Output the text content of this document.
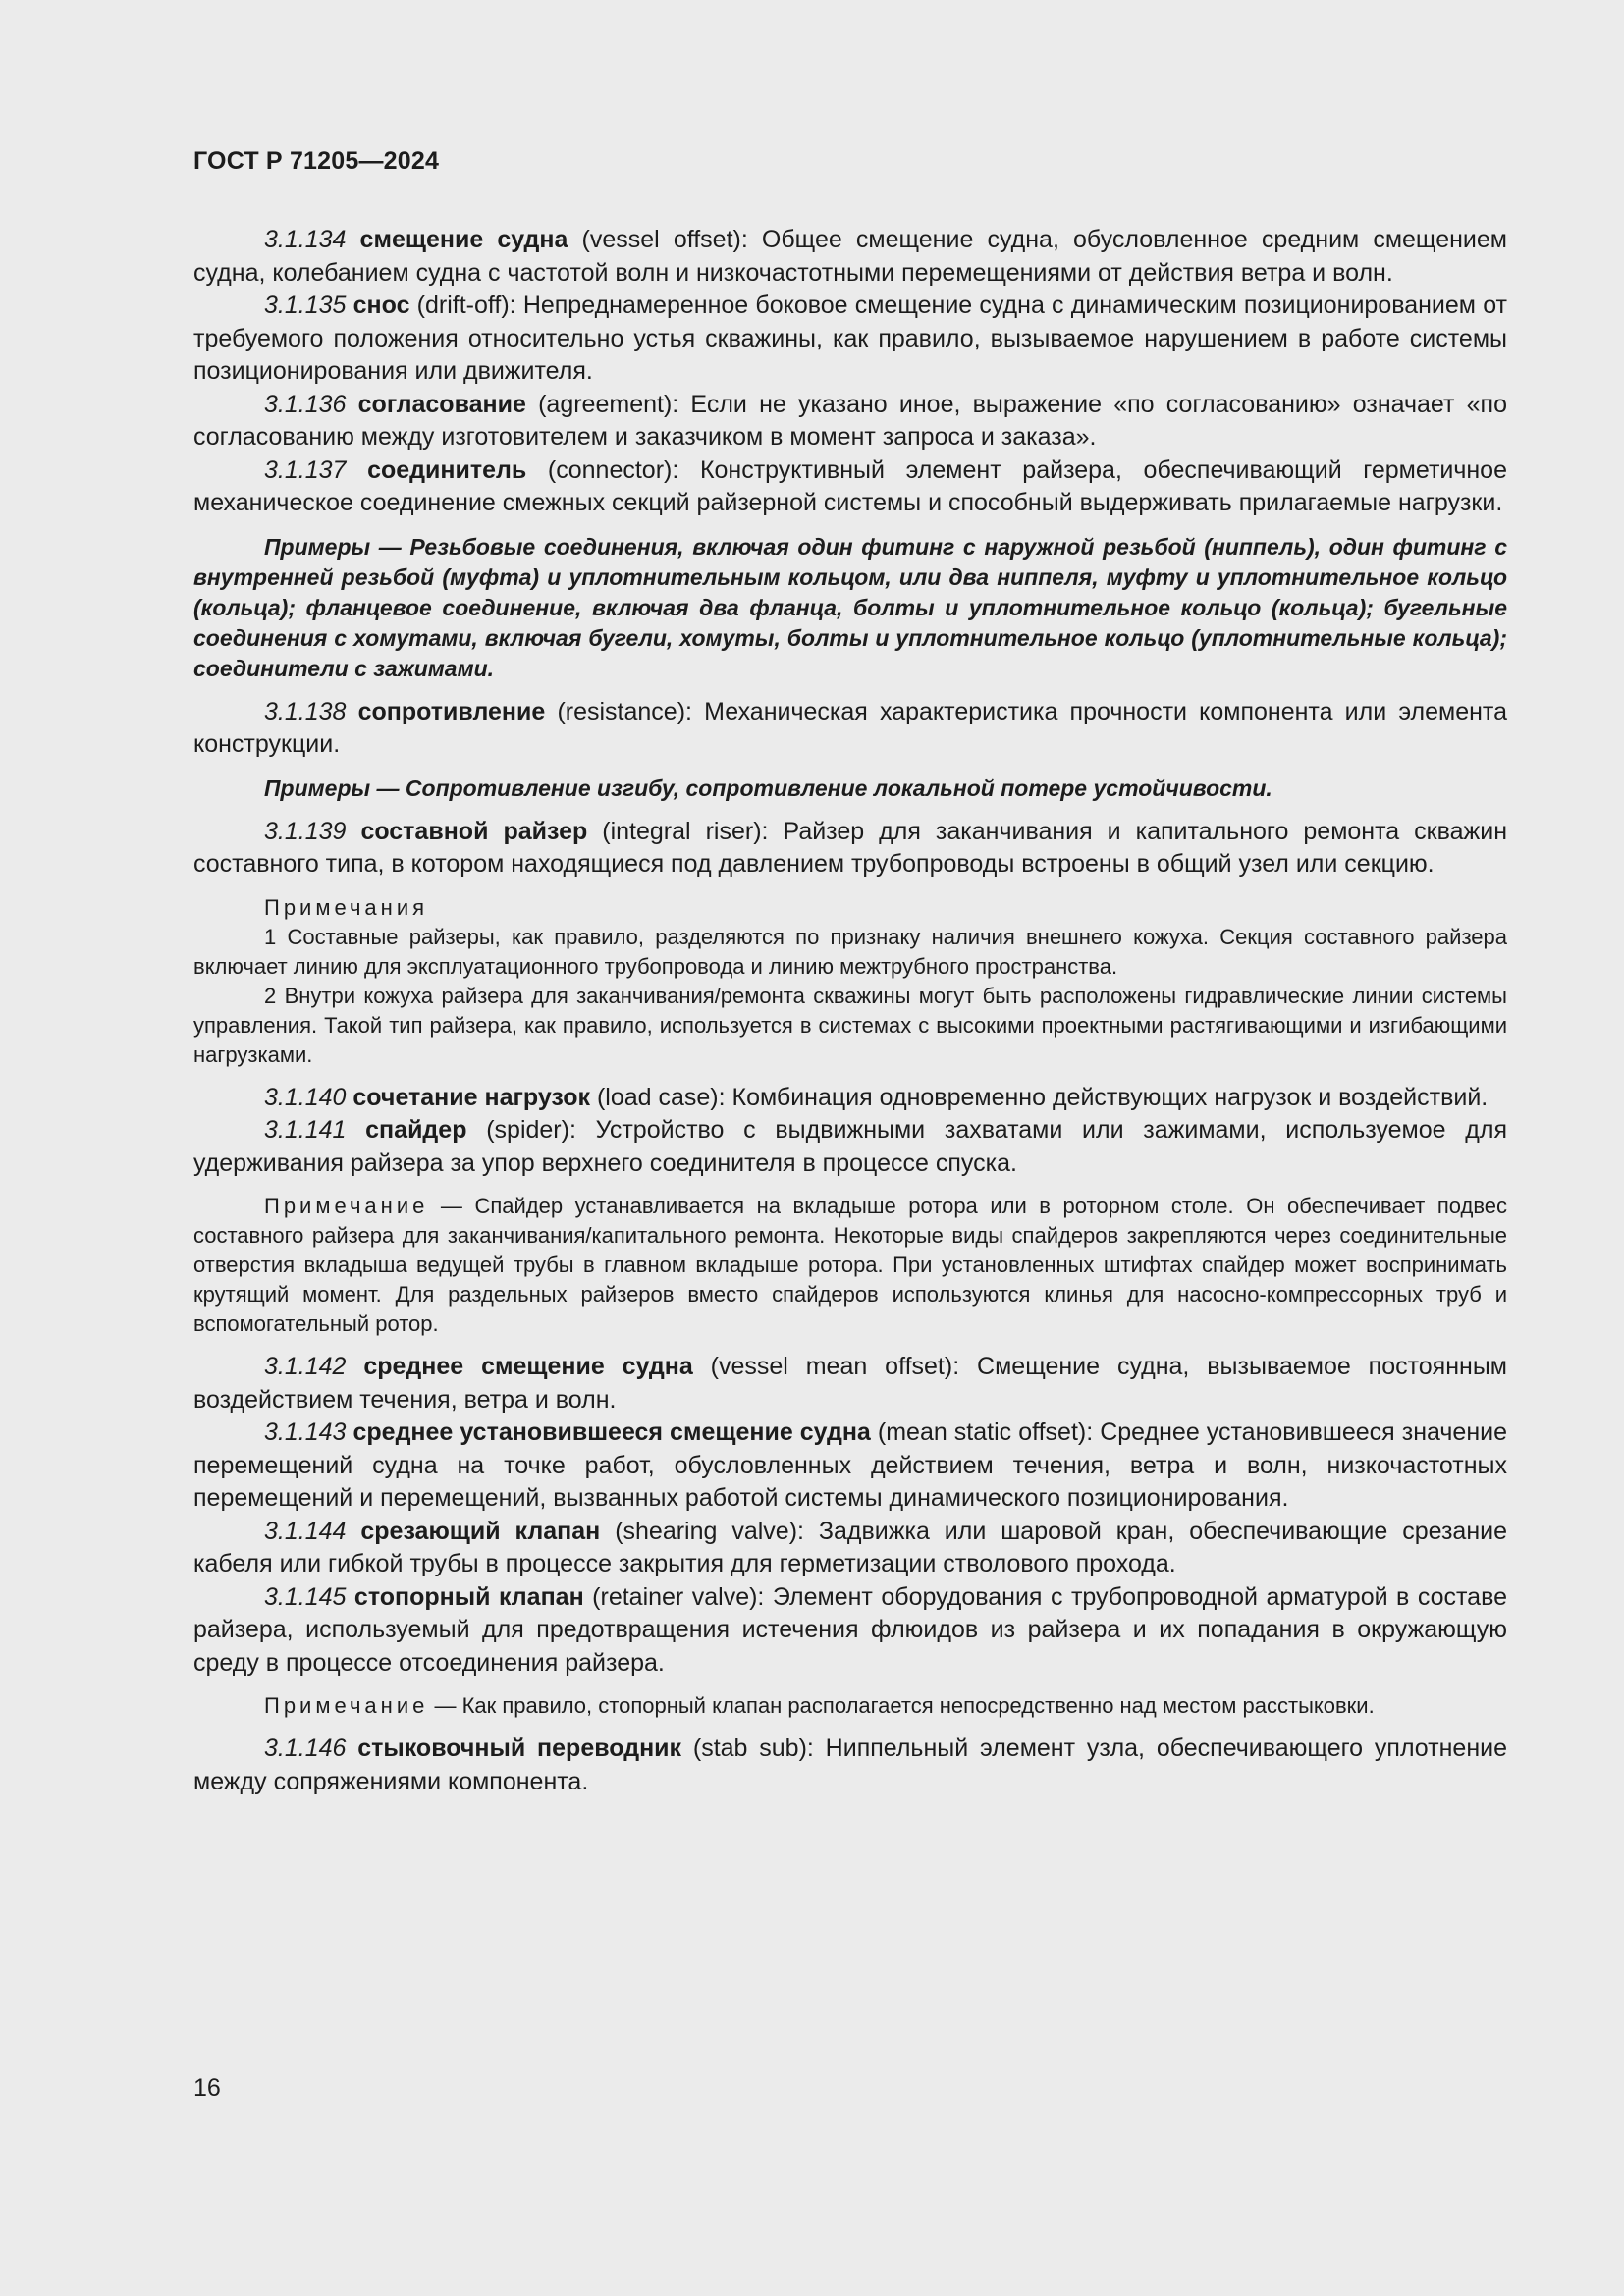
ГОСТ Р 71205—2024

3.1.134 смещение судна (vessel offset): Общее смещение судна, обусловленное средним смещением судна, колебанием судна с частотой волн и низкочастотными перемещениями от действия ветра и волн.

3.1.135 снос (drift-off): Непреднамеренное боковое смещение судна с динамическим позиционированием от требуемого положения относительно устья скважины, как правило, вызываемое нарушением в работе системы позиционирования или движителя.

3.1.136 согласование (agreement): Если не указано иное, выражение «по согласованию» означает «по согласованию между изготовителем и заказчиком в момент запроса и заказа».

3.1.137 соединитель (connector): Конструктивный элемент райзера, обеспечивающий герметичное механическое соединение смежных секций райзерной системы и способный выдерживать прилагаемые нагрузки.

Примеры — Резьбовые соединения, включая один фитинг с наружной резьбой (ниппель), один фитинг с внутренней резьбой (муфта) и уплотнительным кольцом, или два ниппеля, муфту и уплотнительное кольцо (кольца); фланцевое соединение, включая два фланца, болты и уплотнительное кольцо (кольца); бугельные соединения с хомутами, включая бугели, хомуты, болты и уплотнительное кольцо (уплотнительные кольца); соединители с зажимами.

3.1.138 сопротивление (resistance): Механическая характеристика прочности компонента или элемента конструкции.

Примеры — Сопротивление изгибу, сопротивление локальной потере устойчивости.

3.1.139 составной райзер (integral riser): Райзер для заканчивания и капитального ремонта скважин составного типа, в котором находящиеся под давлением трубопроводы встроены в общий узел или секцию.

Примечания

1 Составные райзеры, как правило, разделяются по признаку наличия внешнего кожуха. Секция составного райзера включает линию для эксплуатационного трубопровода и линию межтрубного пространства.

2 Внутри кожуха райзера для заканчивания/ремонта скважины могут быть расположены гидравлические линии системы управления. Такой тип райзера, как правило, используется в системах с высокими проектными растягивающими и изгибающими нагрузками.

3.1.140 сочетание нагрузок (load case): Комбинация одновременно действующих нагрузок и воздействий.

3.1.141 спайдер (spider): Устройство с выдвижными захватами или зажимами, используемое для удерживания райзера за упор верхнего соединителя в процессе спуска.

Примечание — Спайдер устанавливается на вкладыше ротора или в роторном столе. Он обеспечивает подвес составного райзера для заканчивания/капитального ремонта. Некоторые виды спайдеров закрепляются через соединительные отверстия вкладыша ведущей трубы в главном вкладыше ротора. При установленных штифтах спайдер может воспринимать крутящий момент. Для раздельных райзеров вместо спайдеров используются клинья для насосно-компрессорных труб и вспомогательный ротор.

3.1.142 среднее смещение судна (vessel mean offset): Смещение судна, вызываемое постоянным воздействием течения, ветра и волн.

3.1.143 среднее установившееся смещение судна (mean static offset): Среднее установившееся значение перемещений судна на точке работ, обусловленных действием течения, ветра и волн, низкочастотных перемещений и перемещений, вызванных работой системы динамического позиционирования.

3.1.144 срезающий клапан (shearing valve): Задвижка или шаровой кран, обеспечивающие срезание кабеля или гибкой трубы в процессе закрытия для герметизации стволового прохода.

3.1.145 стопорный клапан (retainer valve): Элемент оборудования с трубопроводной арматурой в составе райзера, используемый для предотвращения истечения флюидов из райзера и их попадания в окружающую среду в процессе отсоединения райзера.

Примечание — Как правило, стопорный клапан располагается непосредственно над местом расстыковки.

3.1.146 стыковочный переводник (stab sub): Ниппельный элемент узла, обеспечивающего уплотнение между сопряжениями компонента.

16
